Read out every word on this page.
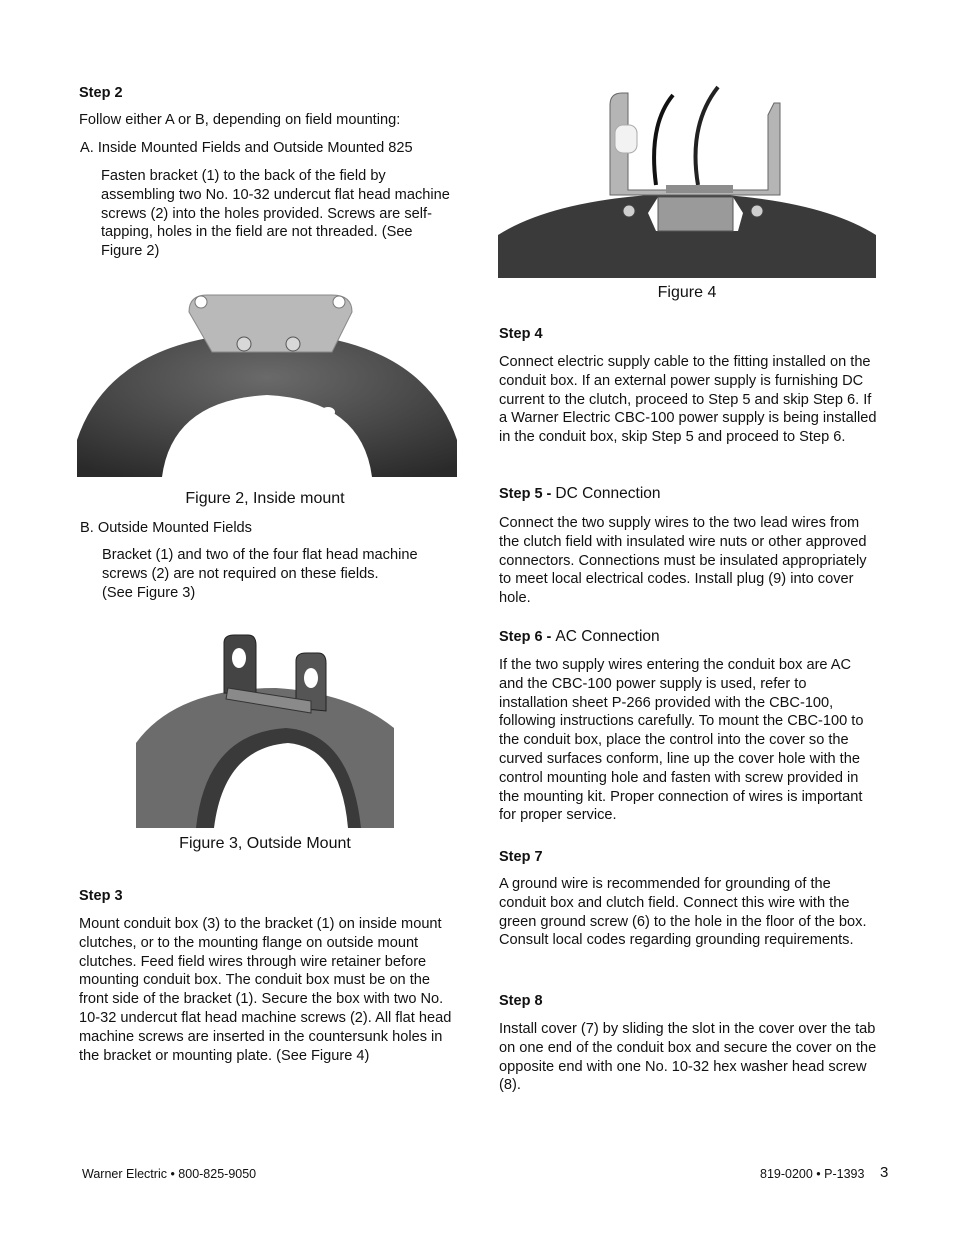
Step 2

Follow either A or B, depending on field mounting:

A. Inside Mounted Fields and Outside Mounted 825

Fasten bracket (1) to the back of the field by assembling two No. 10-32 undercut flat head machine screws (2) into the holes provided. Screws are self-tapping, holes in the field are not threaded. (See Figure 2)

Figure 2, Inside mount

B. Outside Mounted Fields

Bracket (1) and two of the four flat head machine screws (2) are not required on these fields.

(See Figure 3)

Figure 3, Outside Mount
Step 3

Mount conduit box (3) to the bracket (1) on inside mount clutches, or to the mounting flange on outside mount clutches. Feed field wires through wire retainer before mounting conduit box. The conduit box must be on the front side of the bracket (1). Secure the box with two No. 10-32 undercut flat head machine screws (2). All flat head machine screws are inserted in the countersunk holes in the bracket or mounting plate. (See Figure 4)

Figure 4
Step 4

Connect electric supply cable to the fitting installed on the conduit box. If an external power supply is furnishing DC current to the clutch, proceed to Step 5 and skip Step 6. If a Warner Electric CBC-100 power supply is being installed in the conduit box, skip Step 5 and proceed to Step 6.

Step 5 - DC Connection

Connect the two supply wires to the two lead wires from the clutch field with insulated wire nuts or other approved connectors. Connections must be insulated appropriately to meet local electrical codes. Install plug (9) into cover hole.

Step 6 - AC Connection

If the two supply wires entering the conduit box are AC and the CBC-100 power supply is used, refer to installation sheet P-266 provided with the CBC-100, following instructions carefully. To mount the CBC-100 to the conduit box, place the control into the cover so the curved surfaces conform, line up the cover hole with the control mounting hole and fasten with screw provided in the mounting kit. Proper connection of wires is important for proper service.

Step 7

A ground wire is recommended for grounding of the conduit box and clutch field. Connect this wire with the green ground screw (6) to the hole in the floor of the box. Consult local codes regarding grounding requirements.

Step 8

Install cover (7) by sliding the slot in the cover over the tab on one end of the conduit box and secure the cover on the opposite end with one No. 10-32 hex washer head screw (8).

Warner Electric • 800-825-9050	819-0200 • P-1393 3
